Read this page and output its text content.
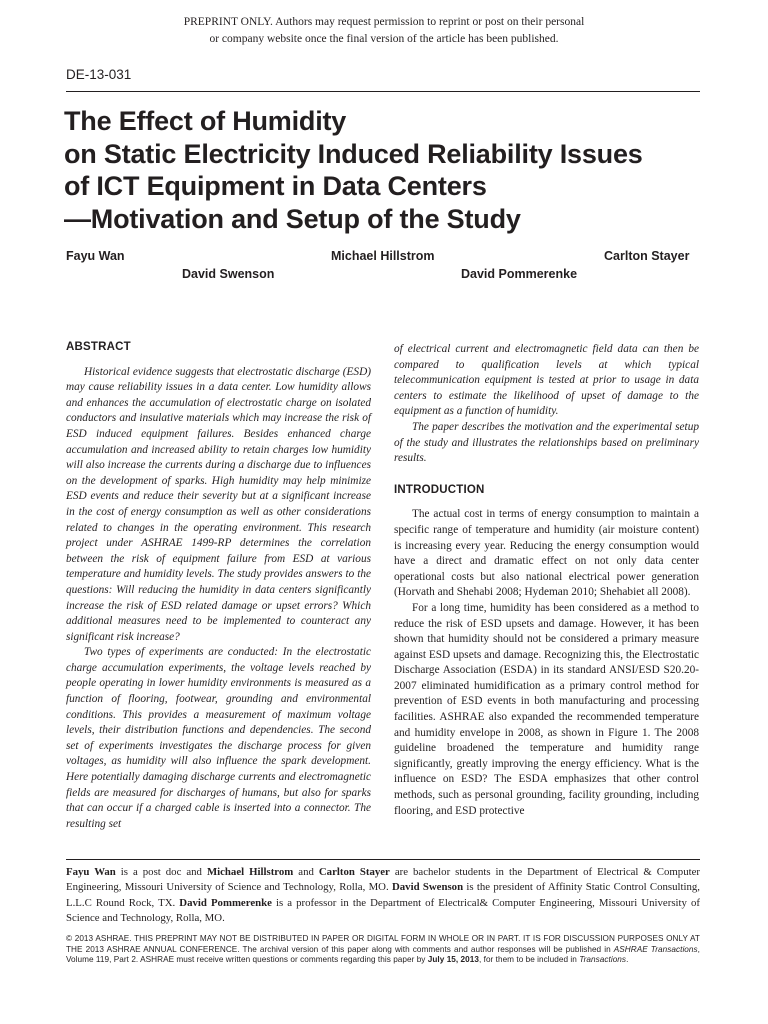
PREPRINT ONLY. Authors may request permission to reprint or post on their personal
or company website once the final version of the article has been published.
DE-13-031
The Effect of Humidity
on Static Electricity Induced Reliability Issues
of ICT Equipment in Data Centers
—Motivation and Setup of the Study
Fayu Wan	Michael Hillstrom	Carlton Stayer
David Swenson	David Pommerenke
ABSTRACT

Historical evidence suggests that electrostatic discharge (ESD) may cause reliability issues in a data center. Low humidity allows and enhances the accumulation of electrostatic charge on isolated conductors and insulative materials which may increase the risk of ESD induced equipment failures. Besides enhanced charge accumulation and increased ability to retain charges low humidity will also increase the currents during a discharge due to influences on the development of sparks. High humidity may help minimize ESD events and reduce their severity but at a significant increase in the cost of energy consumption as well as other considerations related to changes in the operating environment. This research project under ASHRAE 1499-RP determines the correlation between the risk of equipment failure from ESD at various temperature and humidity levels. The study provides answers to the questions: Will reducing the humidity in data centers significantly increase the risk of ESD related damage or upset errors? Which additional measures need to be implemented to counteract any significant risk increase?

Two types of experiments are conducted: In the electrostatic charge accumulation experiments, the voltage levels reached by people operating in lower humidity environments is measured as a function of flooring, footwear, grounding and environmental conditions. This provides a measurement of maximum voltage levels, their distribution functions and dependencies. The second set of experiments investigates the discharge process for given voltages, as humidity will also influence the spark development. Here potentially damaging discharge currents and electromagnetic fields are measured for discharges of humans, but also for sparks that can occur if a charged cable is inserted into a connector. The resulting set

of electrical current and electromagnetic field data can then be compared to qualification levels at which typical telecommunication equipment is tested at prior to usage in data centers to estimate the likelihood of upset of damage to the equipment as a function of humidity.

The paper describes the motivation and the experimental setup of the study and illustrates the relationships based on preliminary results.

INTRODUCTION

The actual cost in terms of energy consumption to maintain a specific range of temperature and humidity (air moisture content) is increasing every year. Reducing the energy consumption would have a direct and dramatic effect on not only data center operational costs but also national electrical power generation (Horvath and Shehabi 2008; Hydeman 2010; Shehabiet all 2008).

For a long time, humidity has been considered as a method to reduce the risk of ESD upsets and damage. However, it has been shown that humidity should not be considered a primary measure against ESD upsets and damage. Recognizing this, the Electrostatic Discharge Association (ESDA) in its standard ANSI/ESD S20.20-2007 eliminated humidification as a primary control method for prevention of ESD events in both manufacturing and processing facilities. ASHRAE also expanded the recommended temperature and humidity envelope in 2008, as shown in Figure 1. The 2008 guideline broadened the temperature and humidity range significantly, greatly improving the energy efficiency. What is the influence on ESD? The ESDA emphasizes that other control methods, such as personal grounding, facility grounding, including flooring, and ESD protective

Fayu Wan is a post doc and Michael Hillstrom and Carlton Stayer are bachelor students in the Department of Electrical & Computer Engineering, Missouri University of Science and Technology, Rolla, MO. David Swenson is the president of Affinity Static Control Consulting, L.L.C Round Rock, TX. David Pommerenke is a professor in the Department of Electrical& Computer Engineering, Missouri University of Science and Technology, Rolla, MO.
© 2013 ASHRAE. THIS PREPRINT MAY NOT BE DISTRIBUTED IN PAPER OR DIGITAL FORM IN WHOLE OR IN PART. IT IS FOR DISCUSSION PURPOSES ONLY AT THE 2013 ASHRAE ANNUAL CONFERENCE. The archival version of this paper along with comments and author responses will be published in ASHRAE Transactions, Volume 119, Part 2. ASHRAE must receive written questions or comments regarding this paper by July 15, 2013, for them to be included in Transactions.
